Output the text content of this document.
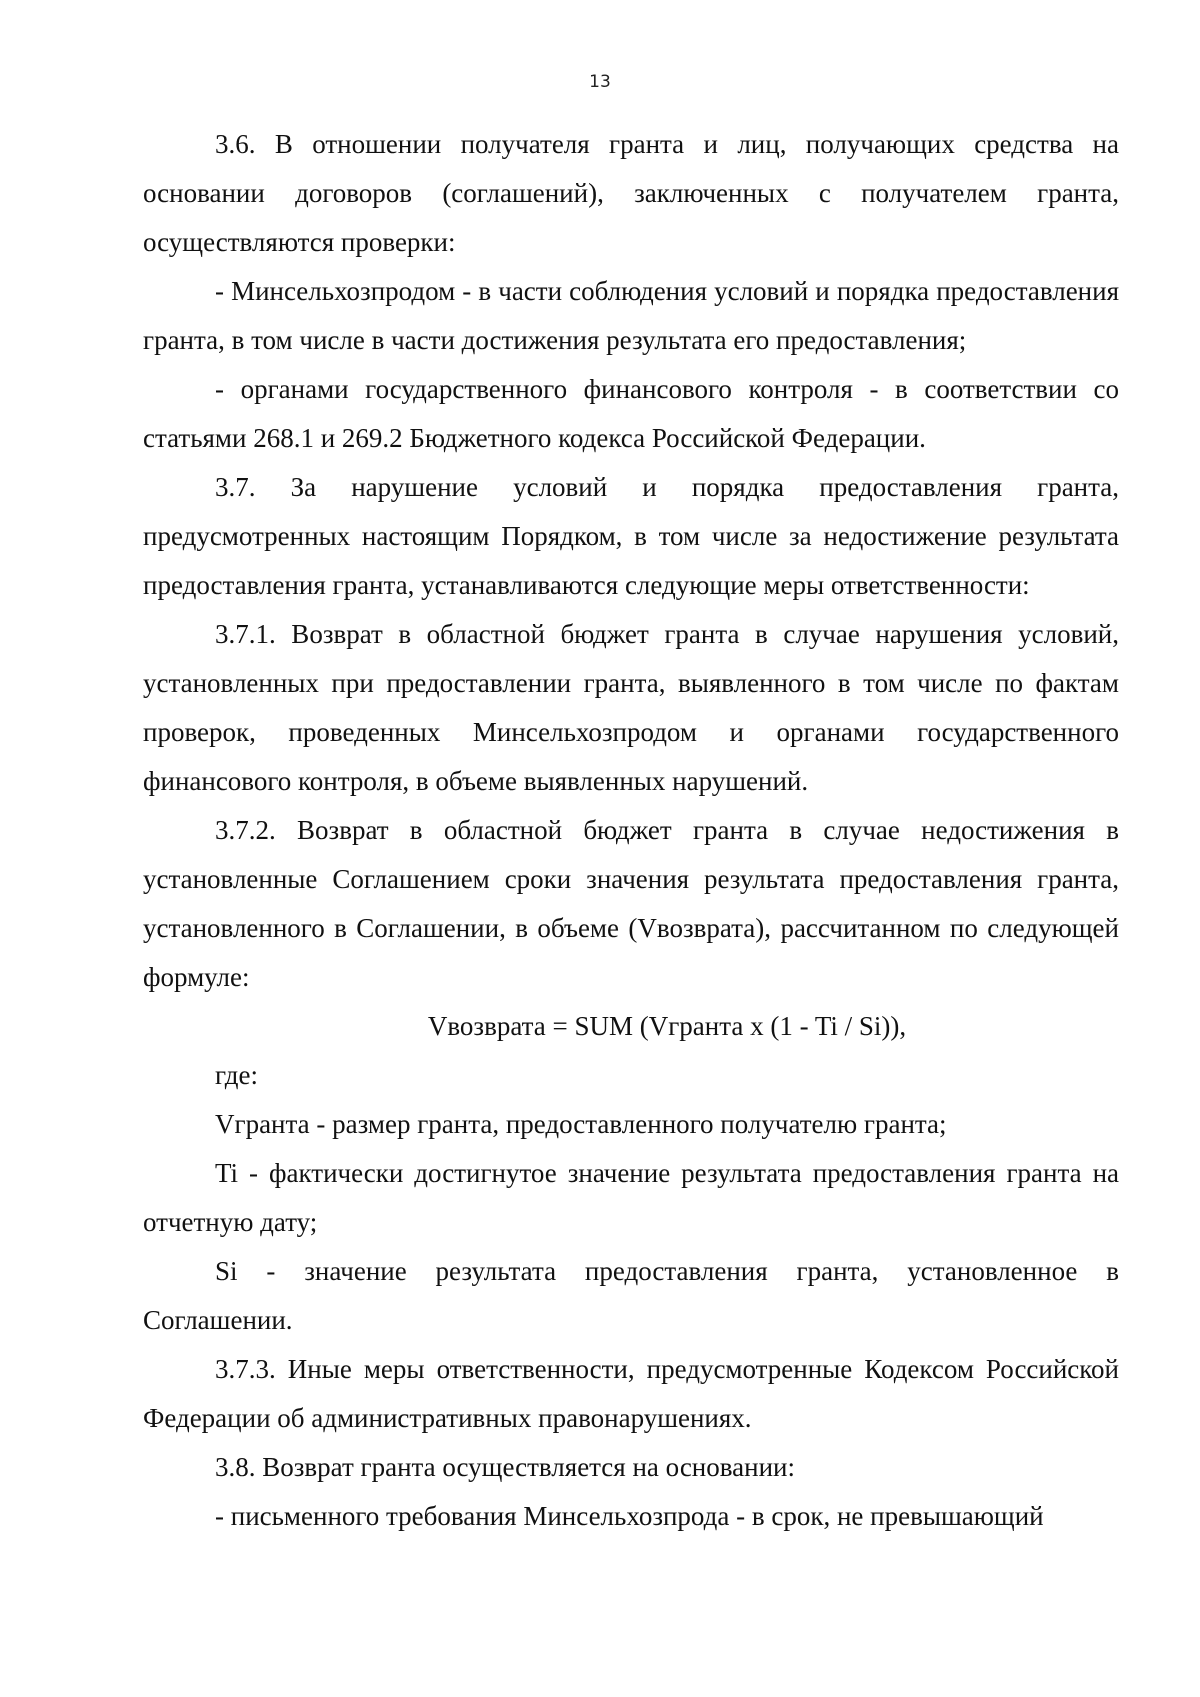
13

3.6. В отношении получателя гранта и лиц, получающих средства на основании договоров (соглашений), заключенных с получателем гранта, осуществляются проверки:

- Минсельхозпродом - в части соблюдения условий и порядка предоставления гранта, в том числе в части достижения результата его предоставления;

- органами государственного финансового контроля - в соответствии со статьями 268.1 и 269.2 Бюджетного кодекса Российской Федерации.

3.7. За нарушение условий и порядка предоставления гранта, предусмотренных настоящим Порядком, в том числе за недостижение результата предоставления гранта, устанавливаются следующие меры ответственности:

3.7.1. Возврат в областной бюджет гранта в случае нарушения условий, установленных при предоставлении гранта, выявленного в том числе по фактам проверок, проведенных Минсельхозпродом и органами государственного финансового контроля, в объеме выявленных нарушений.

3.7.2. Возврат в областной бюджет гранта в случае недостижения в установленные Соглашением сроки значения результата предоставления гранта, установленного в Соглашении, в объеме (Vвозврата), рассчитанном по следующей формуле:

Vвозврата = SUM (Vгранта x (1 - Ti / Si)),

где:

Vгранта - размер гранта, предоставленного получателю гранта;

Ti - фактически достигнутое значение результата предоставления гранта на отчетную дату;

Si - значение результата предоставления гранта, установленное в Соглашении.

3.7.3. Иные меры ответственности, предусмотренные Кодексом Российской Федерации об административных правонарушениях.

3.8. Возврат гранта осуществляется на основании:

- письменного требования Минсельхозпрода - в срок, не превышающий
